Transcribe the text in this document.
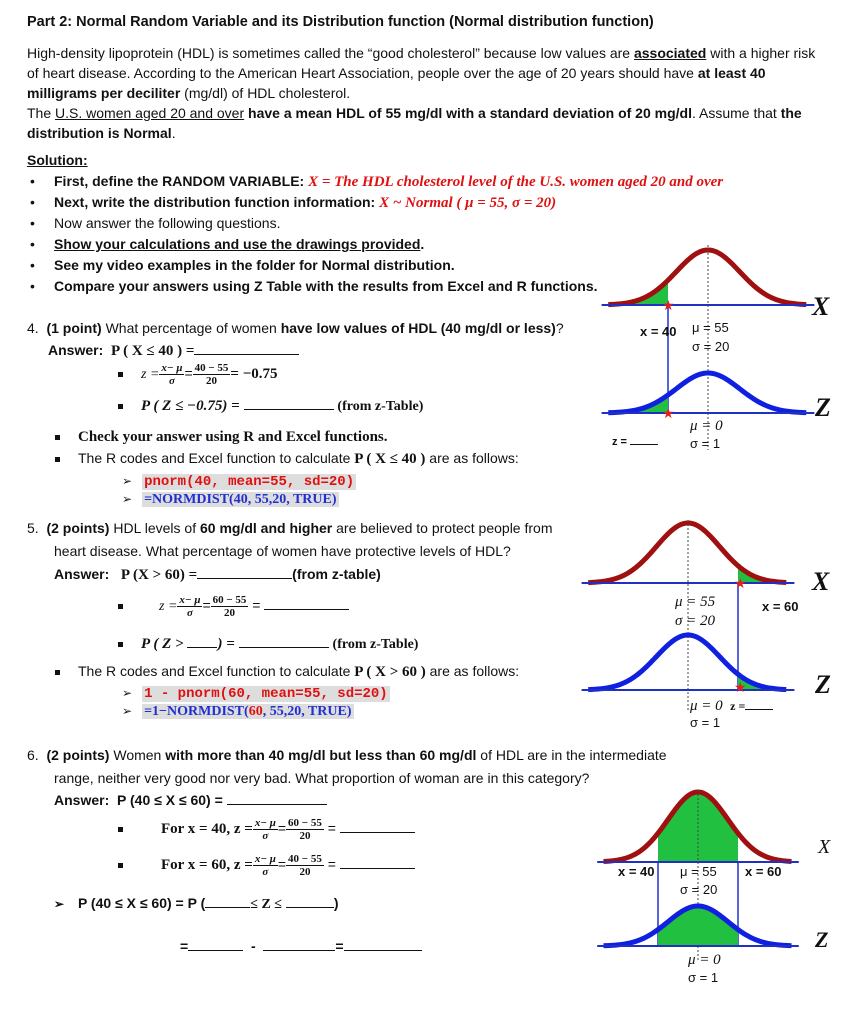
★
★
★
★
Part 2: Normal Random Variable and its Distribution function (Normal distribution function)
High-density lipoprotein (HDL) is sometimes called the “good cholesterol” because low values are associated with a higher risk of heart disease. According to the American Heart Association, people over the age of 20 years should have at least 40 milligrams per deciliter (mg/dl) of HDL cholesterol.
The U.S. women aged 20 and over have a mean HDL of 55 mg/dl with a standard deviation of 20 mg/dl. Assume that the distribution is Normal.
Solution:
• First, define the RANDOM VARIABLE: X = The HDL cholesterol level of the U.S. women aged 20 and over
• Next, write the distribution function information: X ~ Normal ( μ = 55, σ = 20)
• Now answer the following questions.
• Show your calculations and use the drawings provided.
• See my video examples in the folder for Normal distribution.
• Compare your answers using Z Table with the results from Excel and R functions.
4. (1 point) What percentage of women have low values of HDL (40 mg/dl or less)?
Answer: P ( X ≤ 40 ) =
$z = \frac{x- \mu}{\sigma} = \frac{40 - 55}{20} = -0.75$
P ( Z ≤ −0.75) =	(from z-Table)
Check your answer using R and Excel functions.
The R codes and Excel function to calculate P ( X ≤ 40 ) are as follows:
➢ pnorm(40, mean=55, sd=20)
➢ =NORMDIST(40, 55,20, TRUE)
5. (2 points) HDL levels of 60 mg/dl and higher are believed to protect people from
heart disease. What percentage of women have protective levels of HDL?
Answer: P (X > 60) =	(from z-table)
$z = \frac{x- \mu}{\sigma} = \frac{60 - 55}{20}$ =
P ( Z > ) =	(from z-Table)
The R codes and Excel function to calculate P ( X > 60 ) are as follows:
➢ 1 - pnorm(60, mean=55, sd=20)
➢ =1−NORMDIST(60, 55,20, TRUE)
6. (2 points) Women with more than 40 mg/dl but less than 60 mg/dl of HDL are in the intermediate
range, neither very good nor very bad. What proportion of woman are in this category?
Answer: P (40 ≤ X ≤ 60) =
For x = 40, $z = \frac{x- \mu}{\sigma} = \frac{60 - 55}{20}$ =
For x = 60, $z = \frac{x- \mu}{\sigma} = \frac{40 - 55}{20}$ =
➢ P (40 ≤ X ≤ 60) = P (	≤ Z ≤	)
=	-	=
X
x = 40 μ = 55
σ = 20
Z
μ = 0
σ = 1
z =
X
μ = 55
σ = 20
x = 60
Z
μ = 0 z =
σ = 1
X
x = 40 μ = 55
σ = 20
x = 60
Z
μ = 0
σ = 1
